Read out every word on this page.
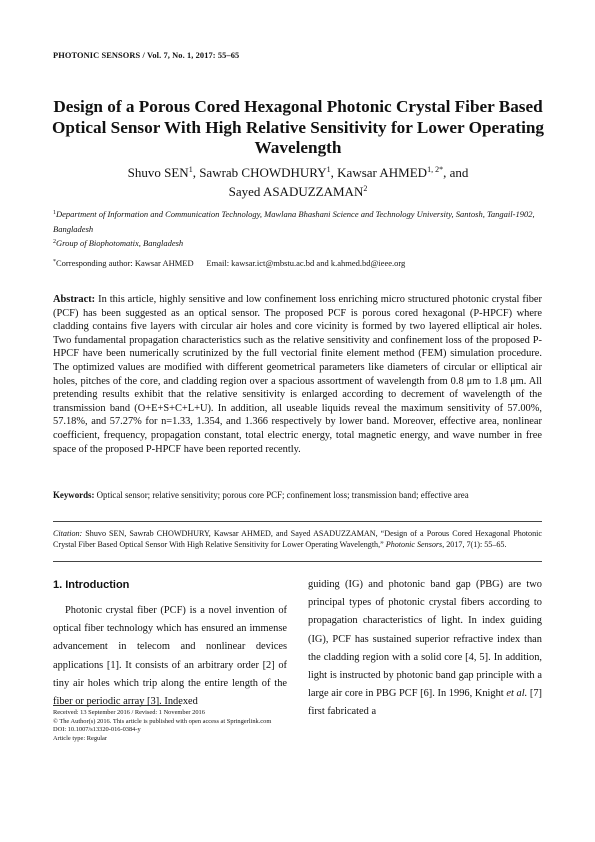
PHOTONIC SENSORS / Vol. 7, No. 1, 2017: 55‒65
Design of a Porous Cored Hexagonal Photonic Crystal Fiber Based Optical Sensor With High Relative Sensitivity for Lower Operating Wavelength
Shuvo SEN$^1$, Sawrab CHOWDHURY$^1$, Kawsar $AHMED^{1, 2*}$, and
Sayed ASADUZZAMAN$^2$
$^1$Department of Information and Communication Technology, Mawlana Bhashani Science and Technology University, Santosh, Tangail-1902, Bangladesh
$^2$Group of Biophotomatix, Bangladesh
*Corresponding author: Kawsar AHMED Email: kawsar.ict@mbstu.ac.bd and k.ahmed.bd@ieee.org
Abstract: In this article, highly sensitive and low confinement loss enriching micro structured photonic crystal fiber (PCF) has been suggested as an optical sensor. The proposed PCF is porous cored hexagonal (P-HPCF) where cladding contains five layers with circular air holes and core vicinity is formed by two layered elliptical air holes. Two fundamental propagation characteristics such as the relative sensitivity and confinement loss of the proposed P-HPCF have been numerically scrutinized by the full vectorial finite element method (FEM) simulation procedure. The optimized values are modified with different geometrical parameters like diameters of circular or elliptical air holes, pitches of the core, and cladding region over a spacious assortment of wavelength from 0.8 μm to 1.8 μm. All pretending results exhibit that the relative sensitivity is enlarged according to decrement of wavelength of the transmission band (O+E+S+C+L+U). In addition, all useable liquids reveal the maximum sensitivity of 57.00%, 57.18%, and 57.27% for n=1.33, 1.354, and 1.366 respectively by lower band. Moreover, effective area, nonlinear coefficient, frequency, propagation constant, total electric energy, total magnetic energy, and wave number in free space of the proposed P-HPCF have been reported recently.
Keywords: Optical sensor; relative sensitivity; porous core PCF; confinement loss; transmission band; effective area
Citation: Shuvo SEN, Sawrab CHOWDHURY, Kawsar AHMED, and Sayed ASADUZZAMAN, “Design of a Porous Cored Hexagonal Photonic Crystal Fiber Based Optical Sensor With High Relative Sensitivity for Lower Operating Wavelength,” Photonic Sensors, 2017, 7(1): 55‒65.
1. Introduction
Photonic crystal fiber (PCF) is a novel invention of optical fiber technology which has ensured an immense advancement in telecom and nonlinear devices applications [1]. It consists of an arbitrary order [2] of tiny air holes which trip along the entire length of the fiber or periodic array [3]. Indexed
guiding (IG) and photonic band gap (PBG) are two principal types of photonic crystal fibers according to propagation characteristics of light. In index guiding (IG), PCF has sustained superior refractive index than the cladding region with a solid core [4, 5]. In addition, light is instructed by photonic band gap principle with a large air core in PBG PCF [6]. In 1996, Knight et al. [7] first fabricated a
Received: 13 September 2016 / Revised: 1 November 2016
© The Author(s) 2016. This article is published with open access at Springerlink.com
DOI: 10.1007/s13320-016-0384-y
Article type: Regular
